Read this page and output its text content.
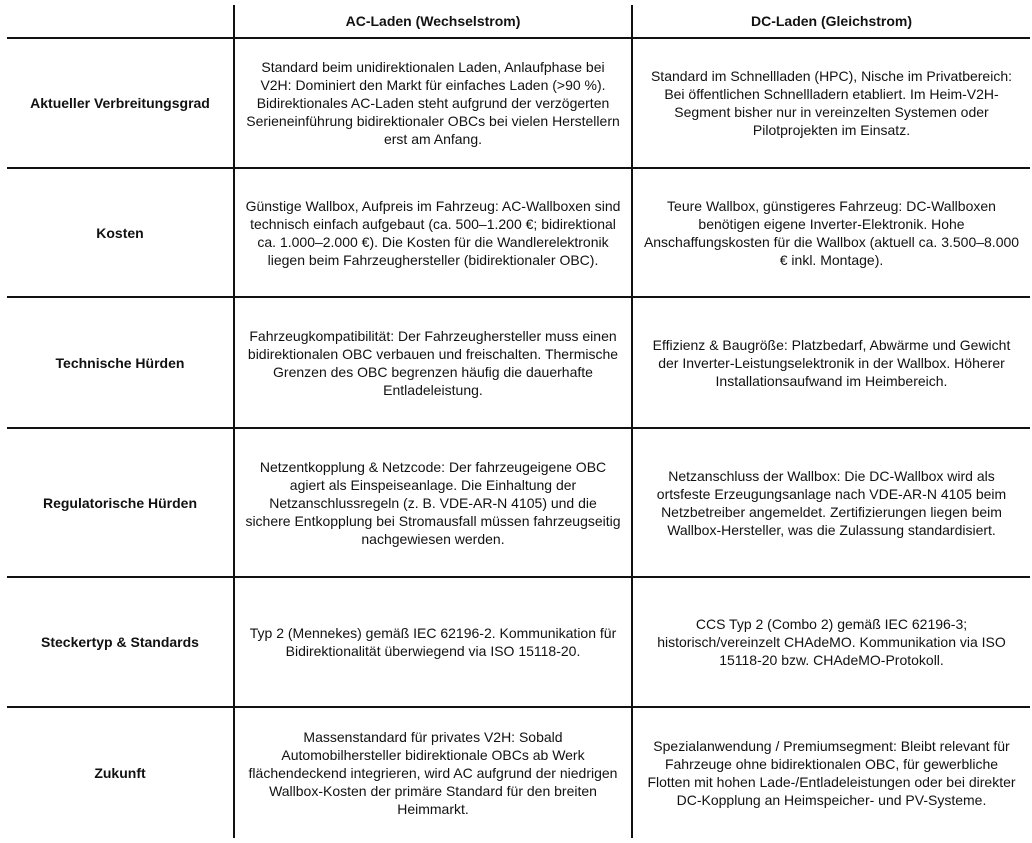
AC-Laden (Wechselstrom)	DC-Laden (Gleichstrom)
Aktueller Verbreitungsgrad
Standard beim unidirektionalen Laden, Anlaufphase bei V2H: Dominiert den Markt für einfaches Laden (>90 %). Bidirektionales AC-Laden steht aufgrund der verzögerten Serieneinführung bidirektionaler OBCs bei vielen Herstellern erst am Anfang.
Standard im Schnellladen (HPC), Nische im Privatbereich: Bei öffentlichen Schnellladern etabliert. Im Heim-V2H-Segment bisher nur in vereinzelten Systemen oder Pilotprojekten im Einsatz.
Kosten
Günstige Wallbox, Aufpreis im Fahrzeug: AC-Wallboxen sind technisch einfach aufgebaut (ca. 500–1.200 €; bidirektional ca. 1.000–2.000 €). Die Kosten für die Wandlerelektronik liegen beim Fahrzeughersteller (bidirektionaler OBC).
Teure Wallbox, günstigeres Fahrzeug: DC-Wallboxen benötigen eigene Inverter-Elektronik. Hohe Anschaffungskosten für die Wallbox (aktuell ca. 3.500–8.000 € inkl. Montage).
Technische Hürden
Fahrzeugkompatibilität: Der Fahrzeughersteller muss einen bidirektionalen OBC verbauen und freischalten. Thermische Grenzen des OBC begrenzen häufig die dauerhafte Entladeleistung.
Effizienz & Baugröße: Platzbedarf, Abwärme und Gewicht der Inverter-Leistungselektronik in der Wallbox. Höherer Installationsaufwand im Heimbereich.
Regulatorische Hürden
Netzentkopplung & Netzcode: Der fahrzeugeigene OBC agiert als Einspeiseanlage. Die Einhaltung der Netzanschlussregeln (z. B. VDE-AR-N 4105) und die sichere Entkopplung bei Stromausfall müssen fahrzeugseitig nachgewiesen werden.
Netzanschluss der Wallbox: Die DC-Wallbox wird als ortsfeste Erzeugungsanlage nach VDE-AR-N 4105 beim Netzbetreiber angemeldet. Zertifizierungen liegen beim Wallbox-Hersteller, was die Zulassung standardisiert.
Steckertyp & Standards
Typ 2 (Mennekes) gemäß IEC 62196-2. Kommunikation für Bidirektionalität überwiegend via ISO 15118-20.
CCS Typ 2 (Combo 2) gemäß IEC 62196-3; historisch/vereinzelt CHAdeMO. Kommunikation via ISO 15118-20 bzw. CHAdeMO-Protokoll.
Zukunft
Massenstandard für privates V2H: Sobald Automobilhersteller bidirektionale OBCs ab Werk flächendeckend integrieren, wird AC aufgrund der niedrigen Wallbox-Kosten der primäre Standard für den breiten Heimmarkt.
Spezialanwendung / Premiumsegment: Bleibt relevant für Fahrzeuge ohne bidirektionalen OBC, für gewerbliche Flotten mit hohen Lade-/Entladeleistungen oder bei direkter DC-Kopplung an Heimspeicher- und PV-Systeme.
